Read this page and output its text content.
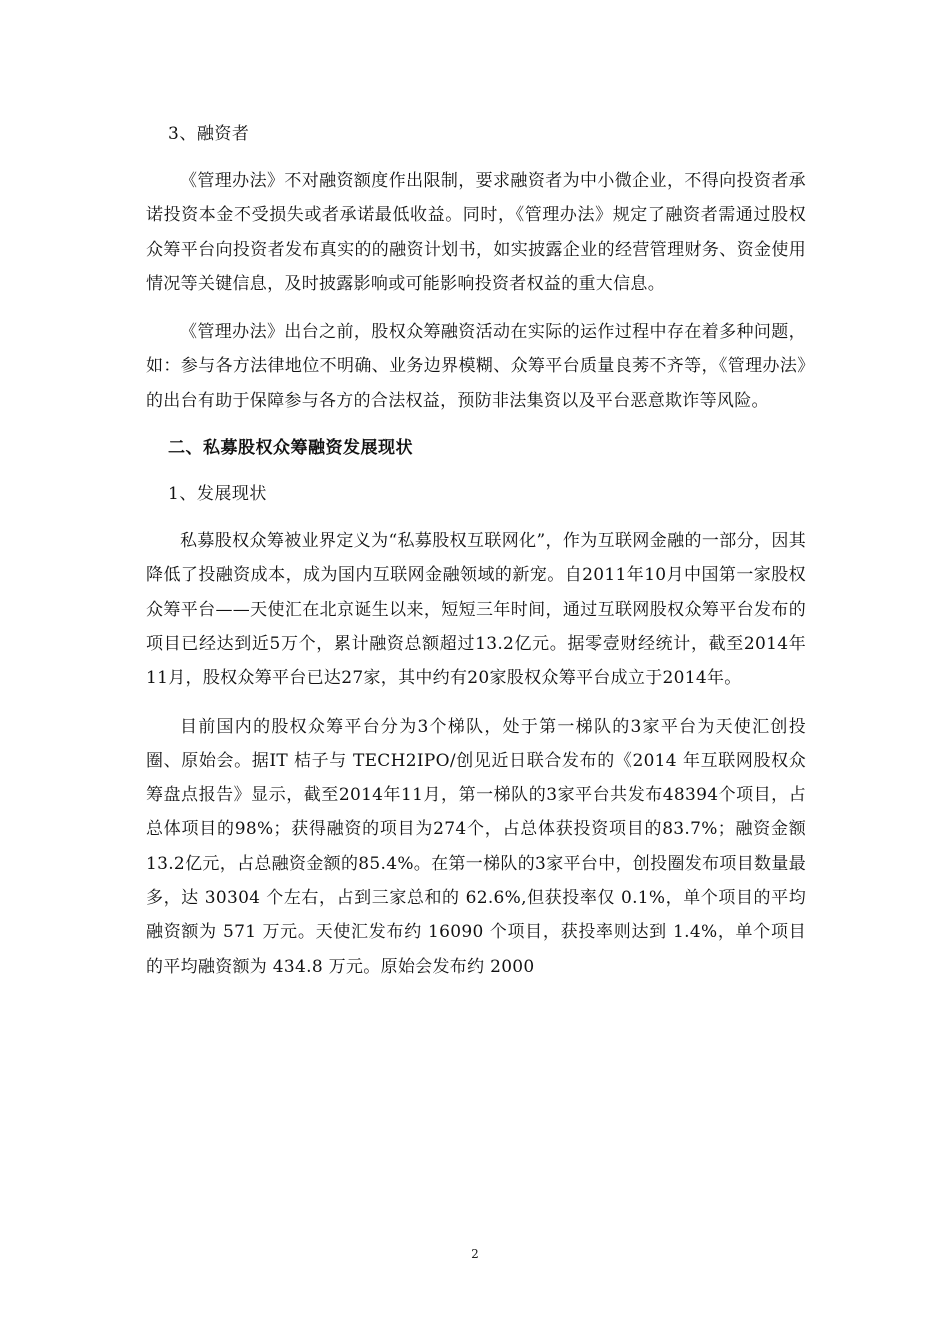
3、融资者

《管理办法》不对融资额度作出限制，要求融资者为中小微企业，不得向投资者承诺投资本金不受损失或者承诺最低收益。同时，《管理办法》规定了融资者需通过股权众筹平台向投资者发布真实的的融资计划书，如实披露企业的经营管理财务、资金使用情况等关键信息，及时披露影响或可能影响投资者权益的重大信息。

《管理办法》出台之前，股权众筹融资活动在实际的运作过程中存在着多种问题，如：参与各方法律地位不明确、业务边界模糊、众筹平台质量良莠不齐等，《管理办法》的出台有助于保障参与各方的合法权益，预防非法集资以及平台恶意欺诈等风险。

二、私募股权众筹融资发展现状
1、发展现状

私募股权众筹被业界定义为“私募股权互联网化”，作为互联网金融的一部分，因其降低了投融资成本，成为国内互联网金融领域的新宠。自2011年10月中国第一家股权众筹平台——天使汇在北京诞生以来，短短三年时间，通过互联网股权众筹平台发布的项目已经达到近5万个，累计融资总额超过13.2亿元。据零壹财经统计，截至2014年11月，股权众筹平台已达27家，其中约有20家股权众筹平台成立于2014年。

目前国内的股权众筹平台分为3个梯队，处于第一梯队的3家平台为天使汇创投圈、原始会。据IT 桔子与 TECH2IPO/创见近日联合发布的《2014 年互联网股权众筹盘点报告》显示，截至2014年11月，第一梯队的3家平台共发布48394个项目，占总体项目的98%；获得融资的项目为274个，占总体获投资项目的83.7%；融资金额13.2亿元，占总融资金额的85.4%。在第一梯队的3家平台中，创投圈发布项目数量最多，达 30304 个左右，占到三家总和的 62.6%,但获投率仅 0.1%，单个项目的平均融资额为 571 万元。天使汇发布约 16090 个项目，获投率则达到 1.4%，单个项目的平均融资额为 434.8 万元。原始会发布约 2000

2
